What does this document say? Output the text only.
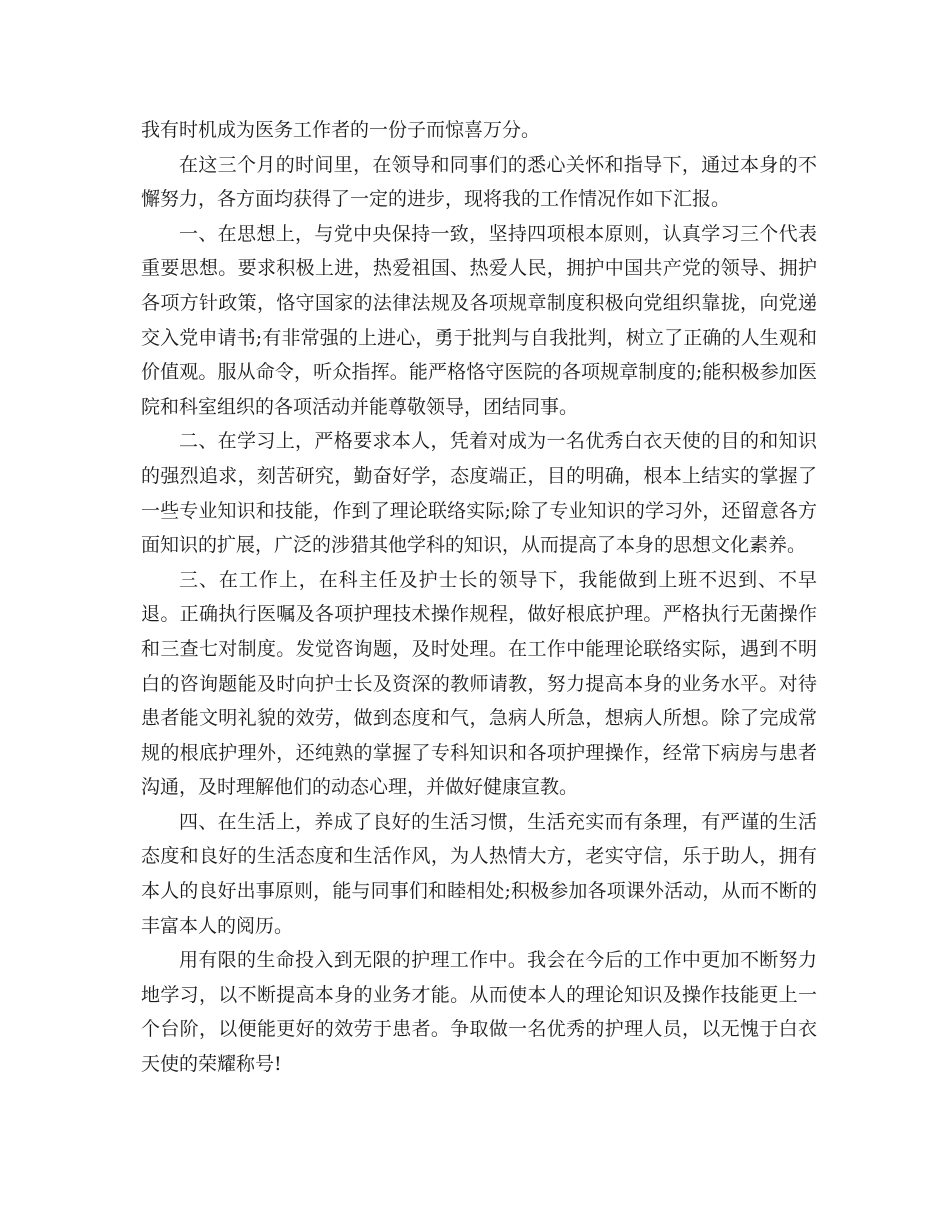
我有时机成为医务工作者的一份子而惊喜万分。

在这三个月的时间里，在领导和同事们的悉心关怀和指导下，通过本身的不懈努力，各方面均获得了一定的进步，现将我的工作情况作如下汇报。

一、在思想上，与党中央保持一致，坚持四项根本原则，认真学习三个代表重要思想。要求积极上进，热爱祖国、热爱人民，拥护中国共产党的领导、拥护各项方针政策，恪守国家的法律法规及各项规章制度积极向党组织靠拢，向党递交入党申请书;有非常强的上进心，勇于批判与自我批判，树立了正确的人生观和价值观。服从命令，听众指挥。能严格恪守医院的各项规章制度的;能积极参加医院和科室组织的各项活动并能尊敬领导，团结同事。

二、在学习上，严格要求本人，凭着对成为一名优秀白衣天使的目的和知识的强烈追求，刻苦研究，勤奋好学，态度端正，目的明确，根本上结实的掌握了一些专业知识和技能，作到了理论联络实际;除了专业知识的学习外，还留意各方面知识的扩展，广泛的涉猎其他学科的知识，从而提高了本身的思想文化素养。

三、在工作上，在科主任及护士长的领导下，我能做到上班不迟到、不早退。正确执行医嘱及各项护理技术操作规程，做好根底护理。严格执行无菌操作和三查七对制度。发觉咨询题，及时处理。在工作中能理论联络实际，遇到不明白的咨询题能及时向护士长及资深的教师请教，努力提高本身的业务水平。对待患者能文明礼貌的效劳，做到态度和气，急病人所急，想病人所想。除了完成常规的根底护理外，还纯熟的掌握了专科知识和各项护理操作，经常下病房与患者沟通，及时理解他们的动态心理，并做好健康宣教。

四、在生活上，养成了良好的生活习惯，生活充实而有条理，有严谨的生活态度和良好的生活态度和生活作风，为人热情大方，老实守信，乐于助人，拥有本人的良好出事原则，能与同事们和睦相处;积极参加各项课外活动，从而不断的丰富本人的阅历。

用有限的生命投入到无限的护理工作中。我会在今后的工作中更加不断努力地学习，以不断提高本身的业务才能。从而使本人的理论知识及操作技能更上一个台阶，以便能更好的效劳于患者。争取做一名优秀的护理人员，以无愧于白衣天使的荣耀称号!
